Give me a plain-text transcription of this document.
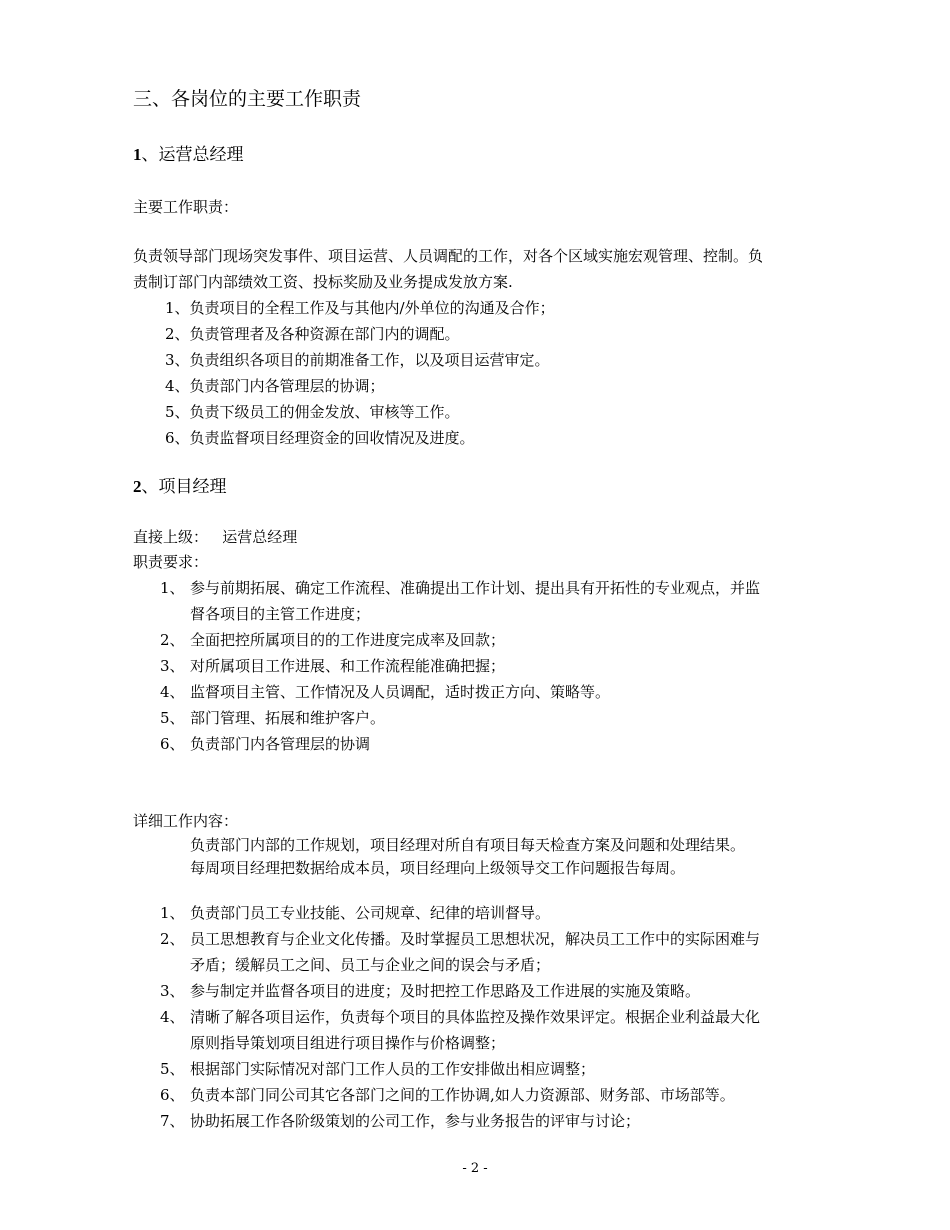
三、各岗位的主要工作职责
1、运营总经理
主要工作职责：
负责领导部门现场突发事件、项目运营、人员调配的工作，对各个区域实施宏观管理、控制。负
责制订部门内部绩效工资、投标奖励及业务提成发放方案.
1、负责项目的全程工作及与其他内/外单位的沟通及合作；
2、负责管理者及各种资源在部门内的调配。
3、负责组织各项目的前期准备工作，以及项目运营审定。
4、负责部门内各管理层的协调；
5、负责下级员工的佣金发放、审核等工作。
6、负责监督项目经理资金的回收情况及进度。
2、项目经理
直接上级：   运营总经理
职责要求：
1、 参与前期拓展、确定工作流程、准确提出工作计划、提出具有开拓性的专业观点，并监
督各项目的主管工作进度；
2、 全面把控所属项目的的工作进度完成率及回款；
3、 对所属项目工作进展、和工作流程能准确把握；
4、 监督项目主管、工作情况及人员调配，适时拨正方向、策略等。
5、 部门管理、拓展和维护客户。
6、 负责部门内各管理层的协调
详细工作内容：
负责部门内部的工作规划，项目经理对所自有项目每天检查方案及问题和处理结果。
每周项目经理把数据给成本员，项目经理向上级领导交工作问题报告每周。
1、 负责部门员工专业技能、公司规章、纪律的培训督导。
2、 员工思想教育与企业文化传播。及时掌握员工思想状况，解决员工工作中的实际困难与
矛盾；缓解员工之间、员工与企业之间的误会与矛盾；
3、 参与制定并监督各项目的进度；及时把控工作思路及工作进展的实施及策略。
4、 清晰了解各项目运作，负责每个项目的具体监控及操作效果评定。根据企业利益最大化
原则指导策划项目组进行项目操作与价格调整；
5、 根据部门实际情况对部门工作人员的工作安排做出相应调整；
6、 负责本部门同公司其它各部门之间的工作协调,如人力资源部、财务部、市场部等。
7、 协助拓展工作各阶级策划的公司工作，参与业务报告的评审与讨论；
- 2 -
